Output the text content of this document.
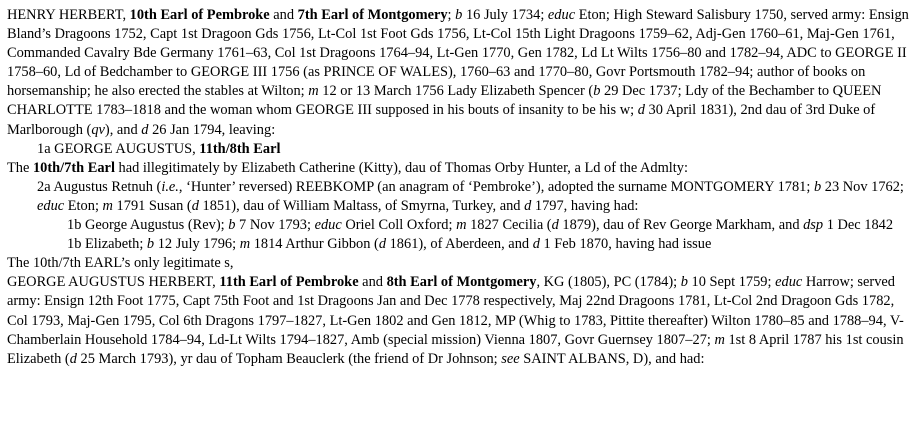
HENRY HERBERT, 10th Earl of Pembroke and 7th Earl of Montgomery; b 16 July 1734; educ Eton; High Steward Salisbury 1750, served army: Ensign Bland’s Dragoons 1752, Capt 1st Dragoon Gds 1756, Lt-Col 1st Foot Gds 1756, Lt-Col 15th Light Dragoons 1759–62, Adj-Gen 1760–61, Maj-Gen 1761, Commanded Cavalry Bde Germany 1761–63, Col 1st Dragoons 1764–94, Lt-Gen 1770, Gen 1782, Ld Lt Wilts 1756–80 and 1782–94, ADC to GEORGE II 1758–60, Ld of Bedchamber to GEORGE III 1756 (as PRINCE OF WALES), 1760–63 and 1770–80, Govr Portsmouth 1782–94; author of books on horsemanship; he also erected the stables at Wilton; m 12 or 13 March 1756 Lady Elizabeth Spencer (b 29 Dec 1737; Ldy of the Bechamber to QUEEN CHARLOTTE 1783–1818 and the woman whom GEORGE III supposed in his bouts of insanity to be his w; d 30 April 1831), 2nd dau of 3rd Duke of Marlborough (qv), and d 26 Jan 1794, leaving:

1a GEORGE AUGUSTUS, 11th/8th Earl

The 10th/7th Earl had illegitimately by Elizabeth Catherine (Kitty), dau of Thomas Orby Hunter, a Ld of the Admlty:

2a Augustus Retnuh (i.e., ‘Hunter’ reversed) REEBKOMP (an anagram of ‘Pembroke’), adopted the surname MONTGOMERY 1781; b 23 Nov 1762; educ Eton; m 1791 Susan (d 1851), dau of William Maltass, of Smyrna, Turkey, and d 1797, having had:

1b George Augustus (Rev); b 7 Nov 1793; educ Oriel Coll Oxford; m 1827 Cecilia (d 1879), dau of Rev George Markham, and dsp 1 Dec 1842

1b Elizabeth; b 12 July 1796; m 1814 Arthur Gibbon (d 1861), of Aberdeen, and d 1 Feb 1870, having had issue

The 10th/7th EARL’s only legitimate s,

GEORGE AUGUSTUS HERBERT, 11th Earl of Pembroke and 8th Earl of Montgomery, KG (1805), PC (1784); b 10 Sept 1759; educ Harrow; served army: Ensign 12th Foot 1775, Capt 75th Foot and 1st Dragoons Jan and Dec 1778 respectively, Maj 22nd Dragoons 1781, Lt-Col 2nd Dragoon Gds 1782, Col 1793, Maj-Gen 1795, Col 6th Dragons 1797–1827, Lt-Gen 1802 and Gen 1812, MP (Whig to 1783, Pittite thereafter) Wilton 1780–85 and 1788–94, V-Chamberlain Household 1784–94, Ld-Lt Wilts 1794–1827, Amb (special mission) Vienna 1807, Govr Guernsey 1807–27; m 1st 8 April 1787 his 1st cousin Elizabeth (d 25 March 1793), yr dau of Topham Beauclerk (the friend of Dr Johnson; see SAINT ALBANS, D), and had:
